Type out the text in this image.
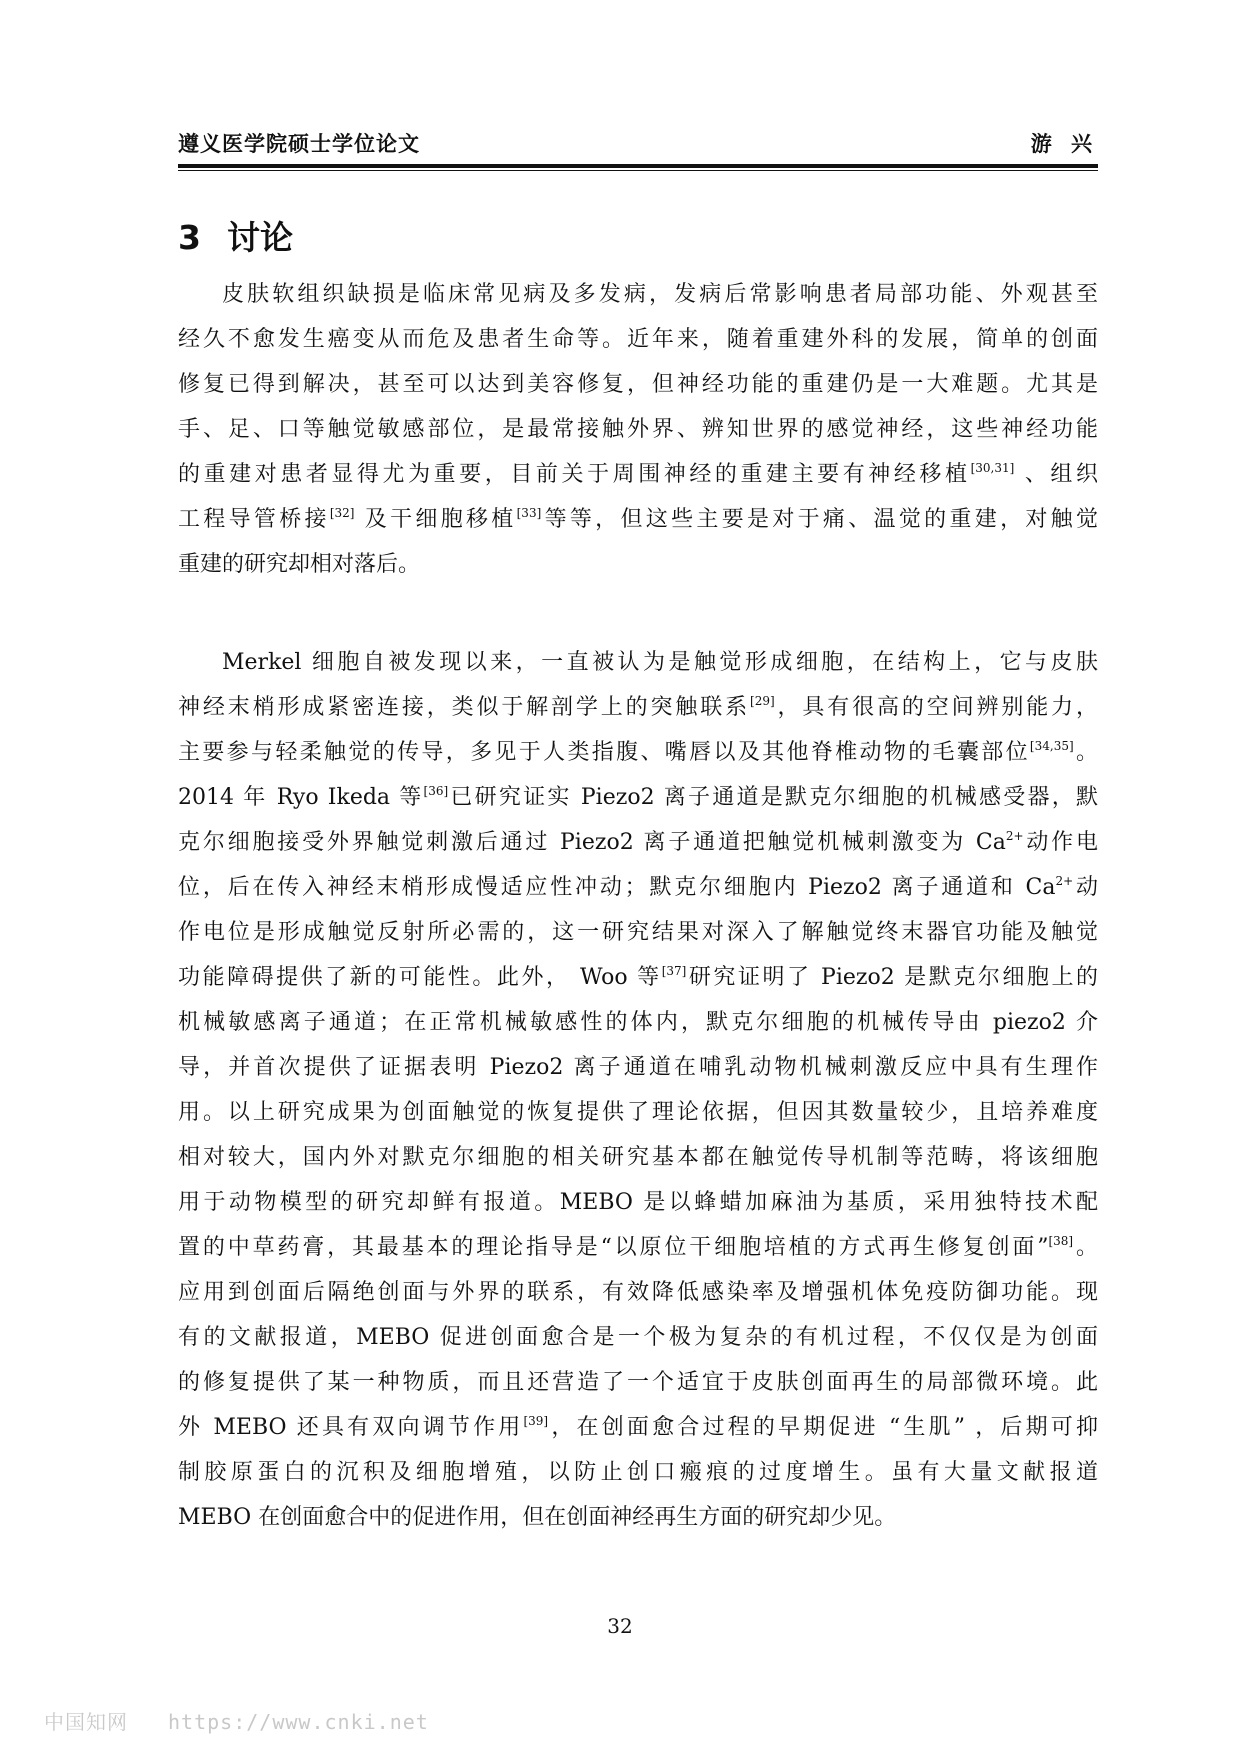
遵义医学院硕士学位论文	游 兴
3 讨论
皮肤软组织缺损是临床常见病及多发病，发病后常影响患者局部功能、外观甚至
经久不愈发生癌变从而危及患者生命等。近年来，随着重建外科的发展，简单的创面
修复已得到解决，甚至可以达到美容修复，但神经功能的重建仍是一大难题。尤其是
手、足、口等触觉敏感部位，是最常接触外界、辨知世界的感觉神经，这些神经功能
的重建对患者显得尤为重要，目前关于周围神经的重建主要有神经移植[30,31] 、组织
工程导管桥接[32] 及干细胞移植[33]等等，但这些主要是对于痛、温觉的重建，对触觉
重建的研究却相对落后。
Merkel 细胞自被发现以来，一直被认为是触觉形成细胞，在结构上，它与皮肤
神经末梢形成紧密连接，类似于解剖学上的突触联系[29]，具有很高的空间辨别能力，
主要参与轻柔触觉的传导，多见于人类指腹、嘴唇以及其他脊椎动物的毛囊部位[34,35]。
2014 年 Ryo Ikeda 等[36]已研究证实 Piezo2 离子通道是默克尔细胞的机械感受器，默
克尔细胞接受外界触觉刺激后通过 Piezo2 离子通道把触觉机械刺激变为 $Ca^{2+}$动作电
位，后在传入神经末梢形成慢适应性冲动；默克尔细胞内 Piezo2 离子通道和 $Ca^{2+}$动
作电位是形成触觉反射所必需的，这一研究结果对深入了解触觉终末器官功能及触觉
功能障碍提供了新的可能性。此外， Woo 等[37]研究证明了 Piezo2 是默克尔细胞上的
机械敏感离子通道；在正常机械敏感性的体内，默克尔细胞的机械传导由 piezo2 介
导，并首次提供了证据表明 Piezo2 离子通道在哺乳动物机械刺激反应中具有生理作
用。以上研究成果为创面触觉的恢复提供了理论依据，但因其数量较少，且培养难度
相对较大，国内外对默克尔细胞的相关研究基本都在触觉传导机制等范畴，将该细胞
用于动物模型的研究却鲜有报道。MEBO 是以蜂蜡加麻油为基质，采用独特技术配
置的中草药膏，其最基本的理论指导是“以原位干细胞培植的方式再生修复创面”[38]。
应用到创面后隔绝创面与外界的联系，有效降低感染率及增强机体免疫防御功能。现
有的文献报道，MEBO 促进创面愈合是一个极为复杂的有机过程，不仅仅是为创面
的修复提供了某一种物质，而且还营造了一个适宜于皮肤创面再生的局部微环境。此
外 MEBO 还具有双向调节作用[39]，在创面愈合过程的早期促进 “生肌” ，后期可抑
制胶原蛋白的沉积及细胞增殖，以防止创口瘢痕的过度增生。虽有大量文献报道
MEBO 在创面愈合中的促进作用，但在创面神经再生方面的研究却少见。
32
中国知网 https://www.cnki.net
